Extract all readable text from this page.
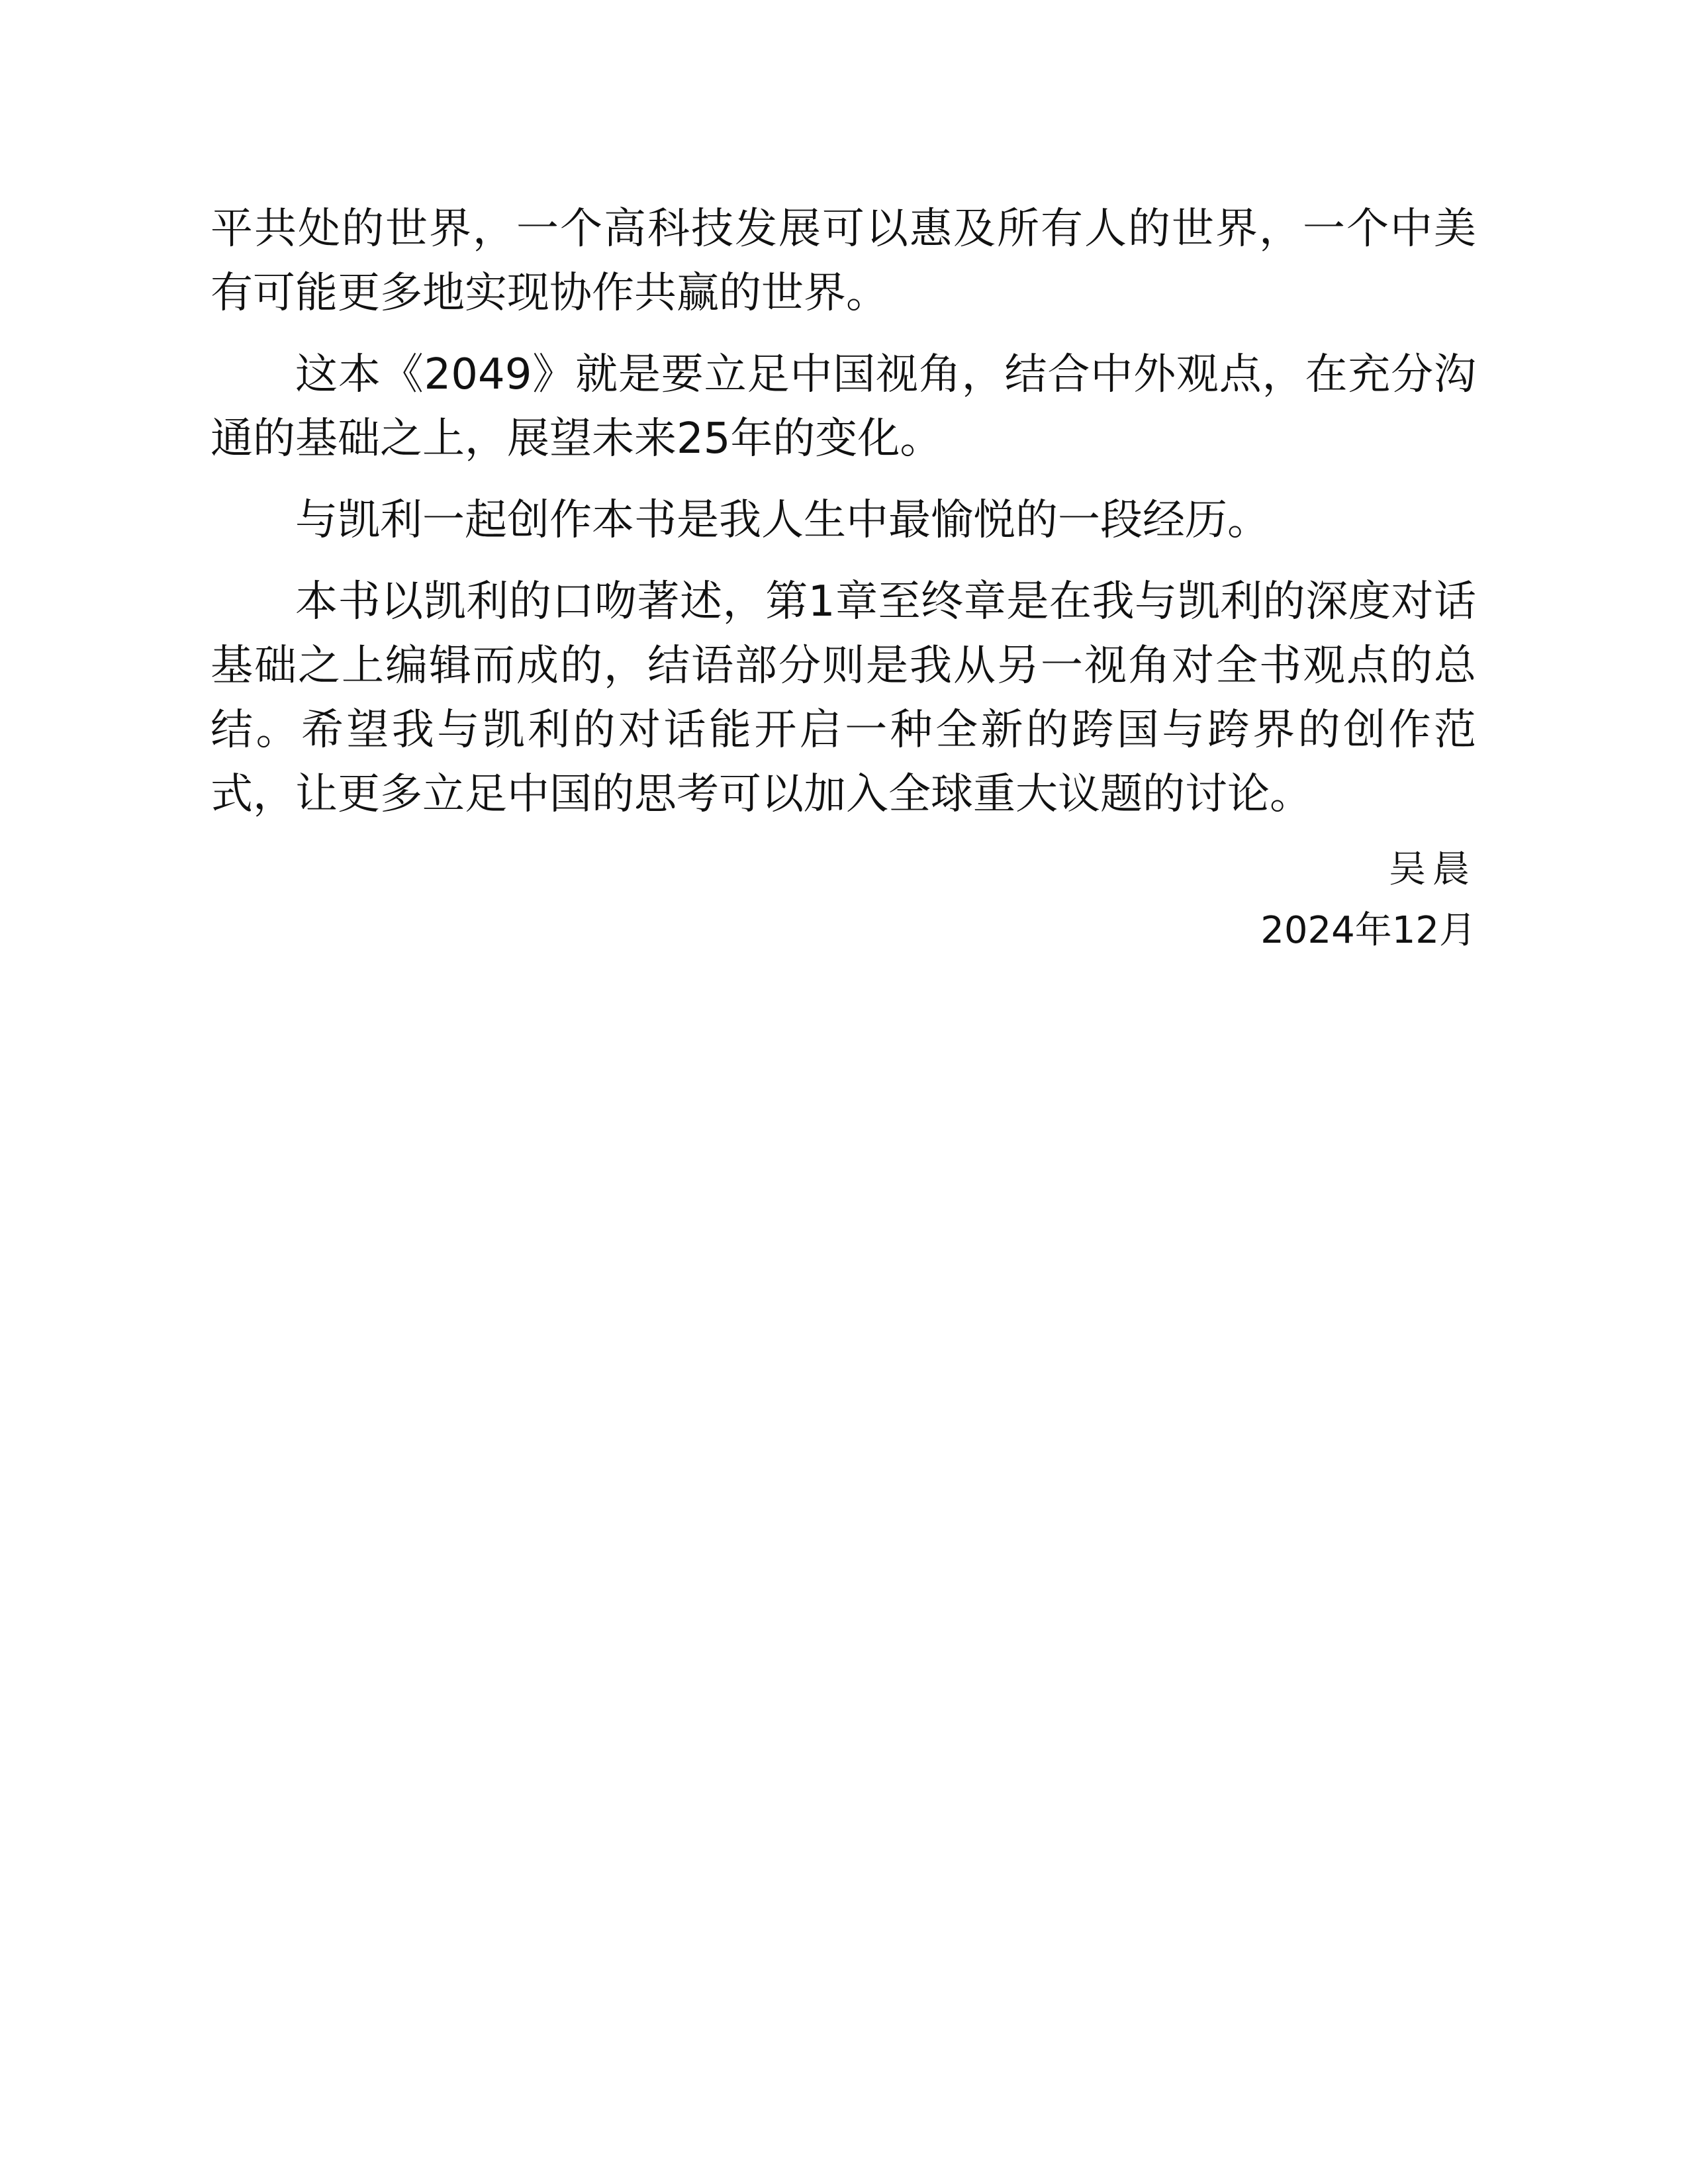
平共处的世界，一个高科技发展可以惠及所有人的世界，一个中美有可能更多地实现协作共赢的世界。

这本《2049》就是要立足中国视角，结合中外观点，在充分沟通的基础之上，展望未来25年的变化。

与凯利一起创作本书是我人生中最愉悦的一段经历。

本书以凯利的口吻著述，第1章至终章是在我与凯利的深度对话基础之上编辑而成的，结语部分则是我从另一视角对全书观点的总结。希望我与凯利的对话能开启一种全新的跨国与跨界的创作范式，让更多立足中国的思考可以加入全球重大议题的讨论。

吴晨
2024年12月
